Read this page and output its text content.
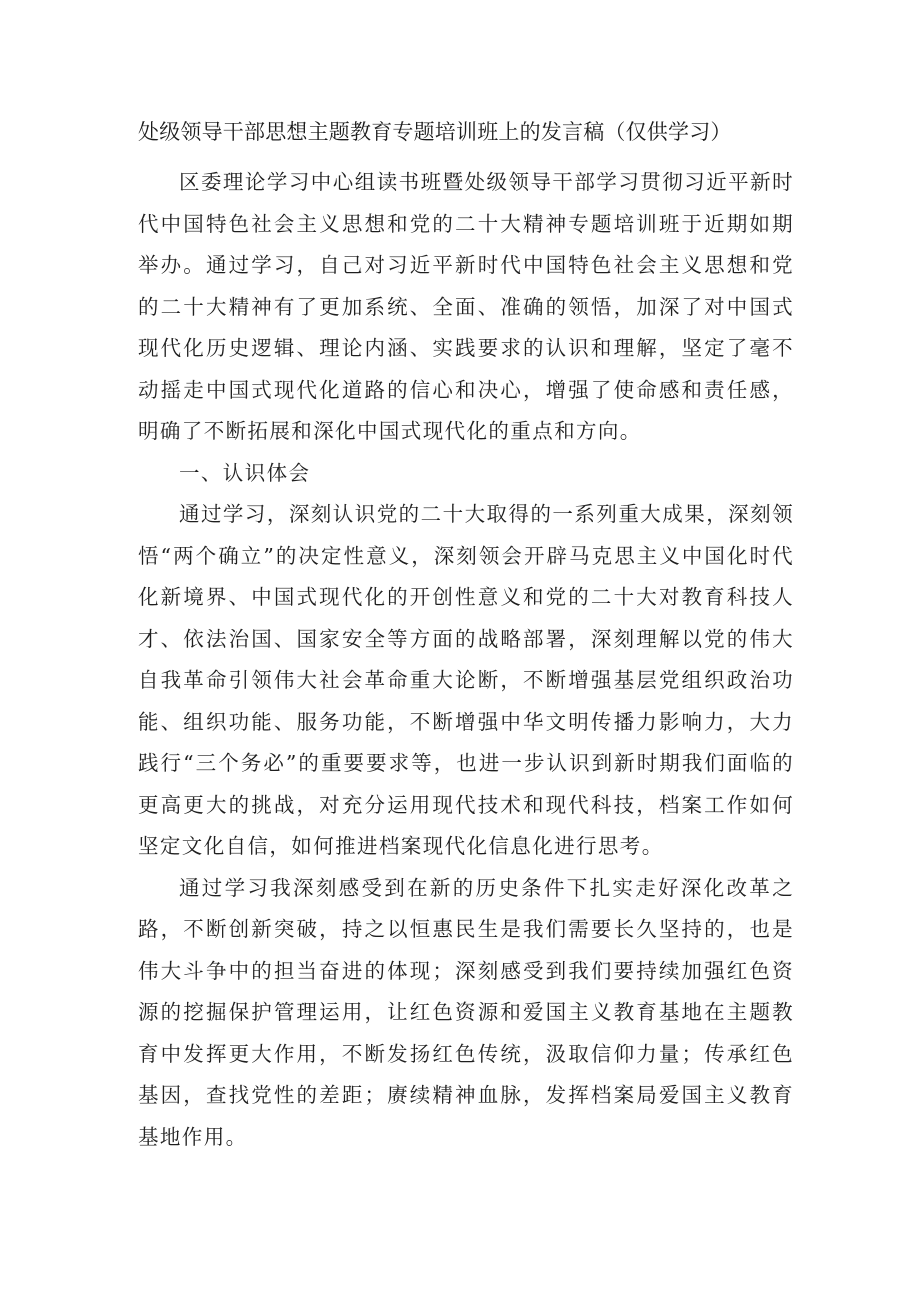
处级领导干部思想主题教育专题培训班上的发言稿（仅供学习）

区委理论学习中心组读书班暨处级领导干部学习贯彻习近平新时代中国特色社会主义思想和党的二十大精神专题培训班于近期如期举办。通过学习，自己对习近平新时代中国特色社会主义思想和党的二十大精神有了更加系统、全面、准确的领悟，加深了对中国式现代化历史逻辑、理论内涵、实践要求的认识和理解，坚定了毫不动摇走中国式现代化道路的信心和决心，增强了使命感和责任感，明确了不断拓展和深化中国式现代化的重点和方向。

一、认识体会

通过学习，深刻认识党的二十大取得的一系列重大成果，深刻领悟“两个确立”的决定性意义，深刻领会开辟马克思主义中国化时代化新境界、中国式现代化的开创性意义和党的二十大对教育科技人才、依法治国、国家安全等方面的战略部署，深刻理解以党的伟大自我革命引领伟大社会革命重大论断，不断增强基层党组织政治功能、组织功能、服务功能，不断增强中华文明传播力影响力，大力践行“三个务必”的重要要求等，也进一步认识到新时期我们面临的更高更大的挑战，对充分运用现代技术和现代科技，档案工作如何坚定文化自信，如何推进档案现代化信息化进行思考。

通过学习我深刻感受到在新的历史条件下扎实走好深化改革之路，不断创新突破，持之以恒惠民生是我们需要长久坚持的，也是伟大斗争中的担当奋进的体现；深刻感受到我们要持续加强红色资源的挖掘保护管理运用，让红色资源和爱国主义教育基地在主题教育中发挥更大作用，不断发扬红色传统，汲取信仰力量；传承红色基因，查找党性的差距；赓续精神血脉，发挥档案局爱国主义教育基地作用。
